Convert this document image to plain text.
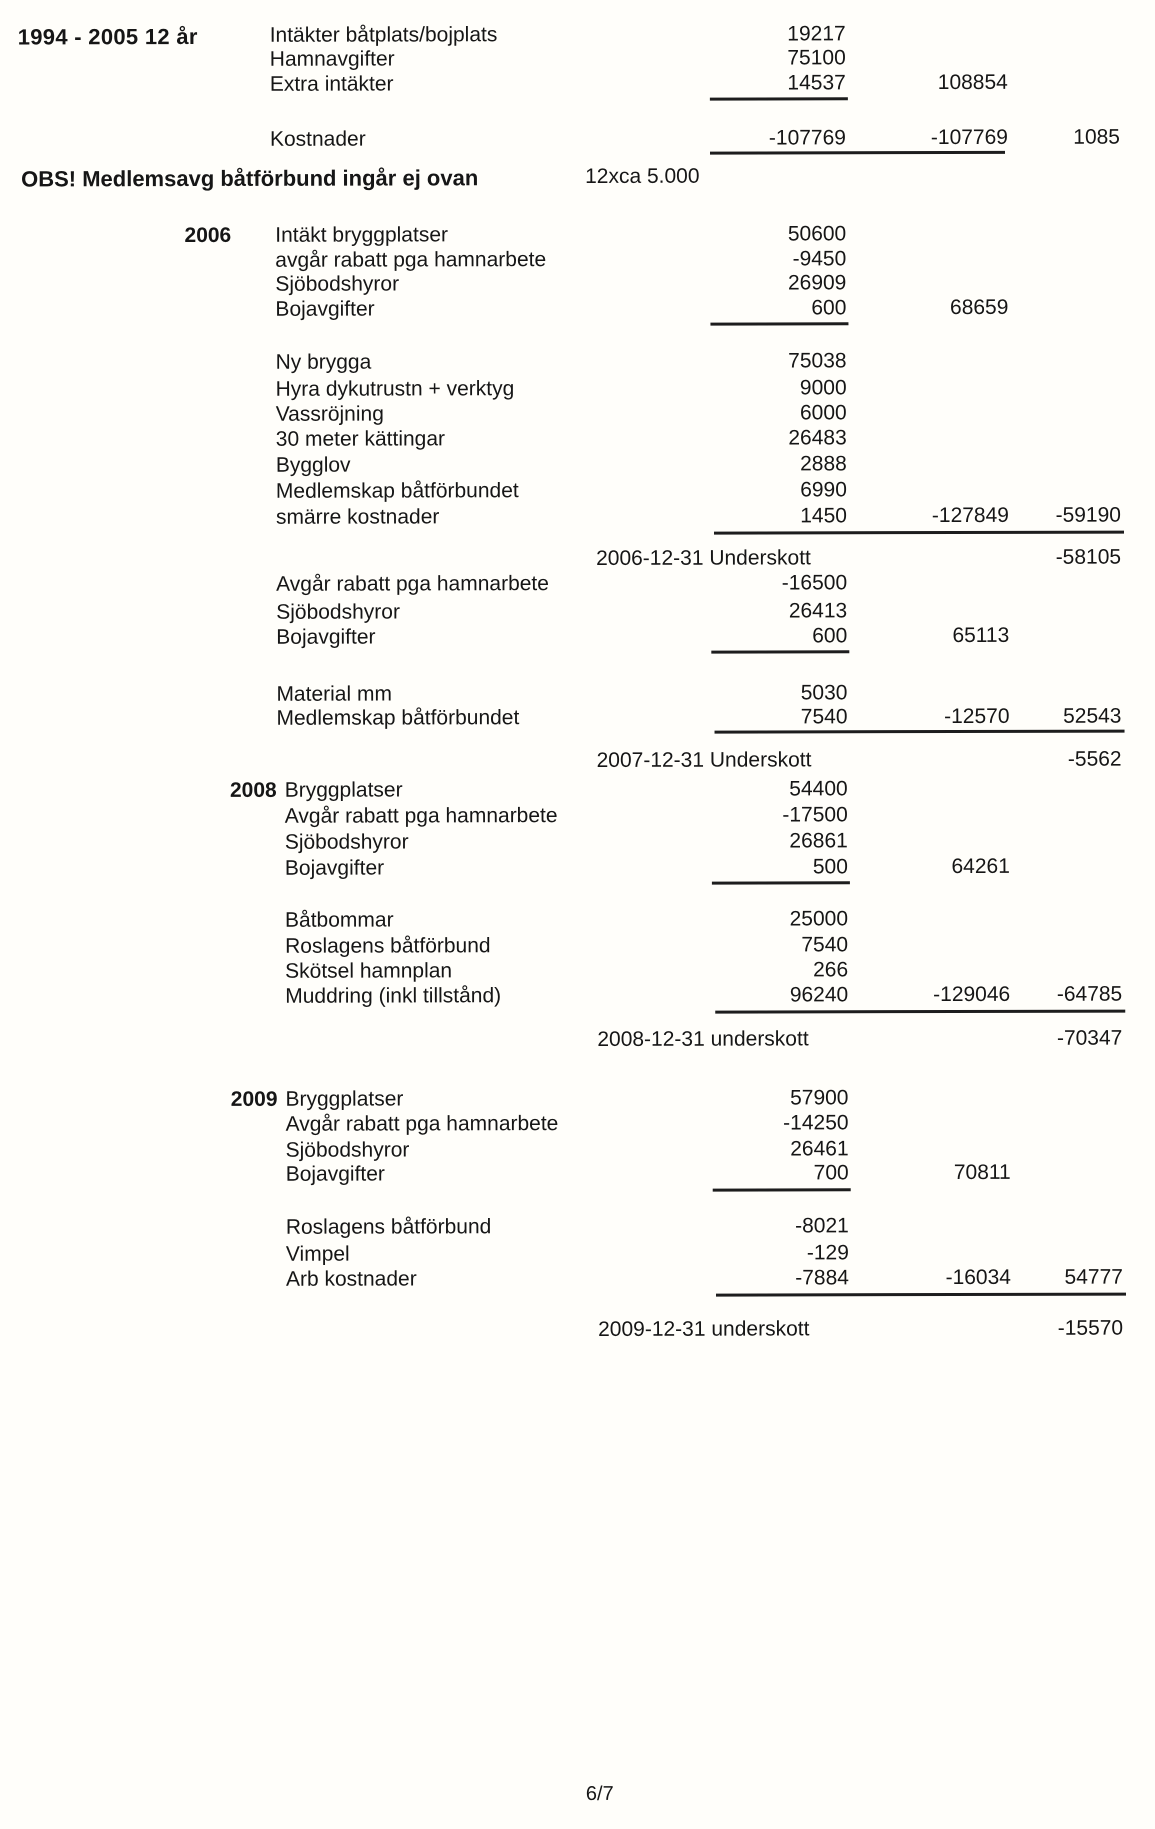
1994 - 2005 12 år	Intäkter båtplats/bojplats	19217
Hamnavgifter	75100
Extra intäkter	14537	108854
Kostnader	-107769	-107769	1085
OBS! Medlemsavg båtförbund ingår ej ovan	12xca 5.000
2006 Intäkt bryggplatser	50600
avgår rabatt pga hamnarbete	-9450
Sjöbodshyror	26909
Bojavgifter	600	68659
Ny brygga	75038
Hyra dykutrustn + verktyg	9000
Vassröjning	6000
30 meter kättingar	26483
Bygglov	2888
Medlemskap båtförbundet	6990
smärre kostnader	1450	-127849	-59190
2006-12-31 Underskott	-58105
Avgår rabatt pga hamnarbete	-16500
Sjöbodshyror	26413
Bojavgifter	600	65113
Material mm	5030
Medlemskap båtförbundet	7540	-12570	52543
2007-12-31 Underskott	-5562
2008 Bryggplatser	54400
Avgår rabatt pga hamnarbete	-17500
Sjöbodshyror	26861
Bojavgifter	500	64261
Båtbommar	25000
Roslagens båtförbund	7540
Skötsel hamnplan	266
Muddring (inkl tillstånd)	96240	-129046	-64785
2008-12-31 underskott	-70347
2009 Bryggplatser	57900
Avgår rabatt pga hamnarbete	-14250
Sjöbodshyror	26461
Bojavgifter	700	70811
Roslagens båtförbund	-8021
Vimpel	-129
Arb kostnader	-7884	-16034	54777
2009-12-31 underskott	-15570
6/7
